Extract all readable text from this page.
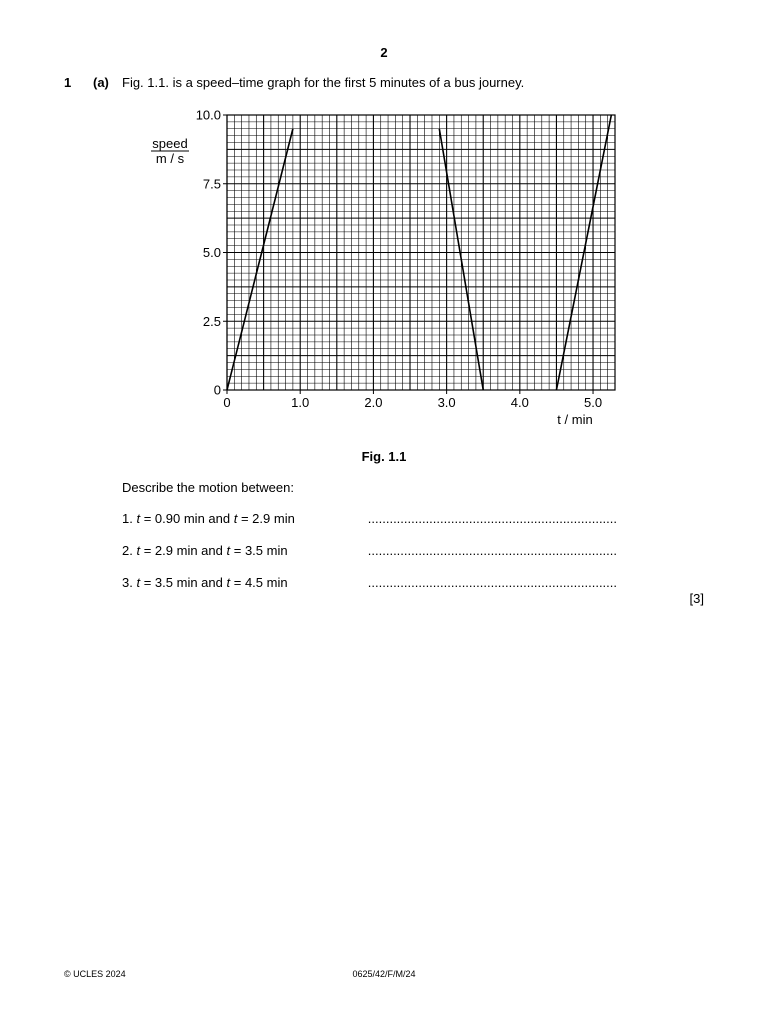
2
1 (a) Fig. 1.1. is a speed–time graph for the first 5 minutes of a bus journey.
0
2.5
5.0
7.5
10.0
0	1.0	2.0	3.0	4.0	5.0
speed
m / s
t / min
Fig. 1.1
Describe the motion between:
1. t = 0.90 min and t = 2.9 min	.....................................................................
2. t = 2.9 min and t = 3.5 min	.....................................................................
3. t = 3.5 min and t = 4.5 min	.....................................................................
[3]
© UCLES 2024	0625/42/F/M/24
